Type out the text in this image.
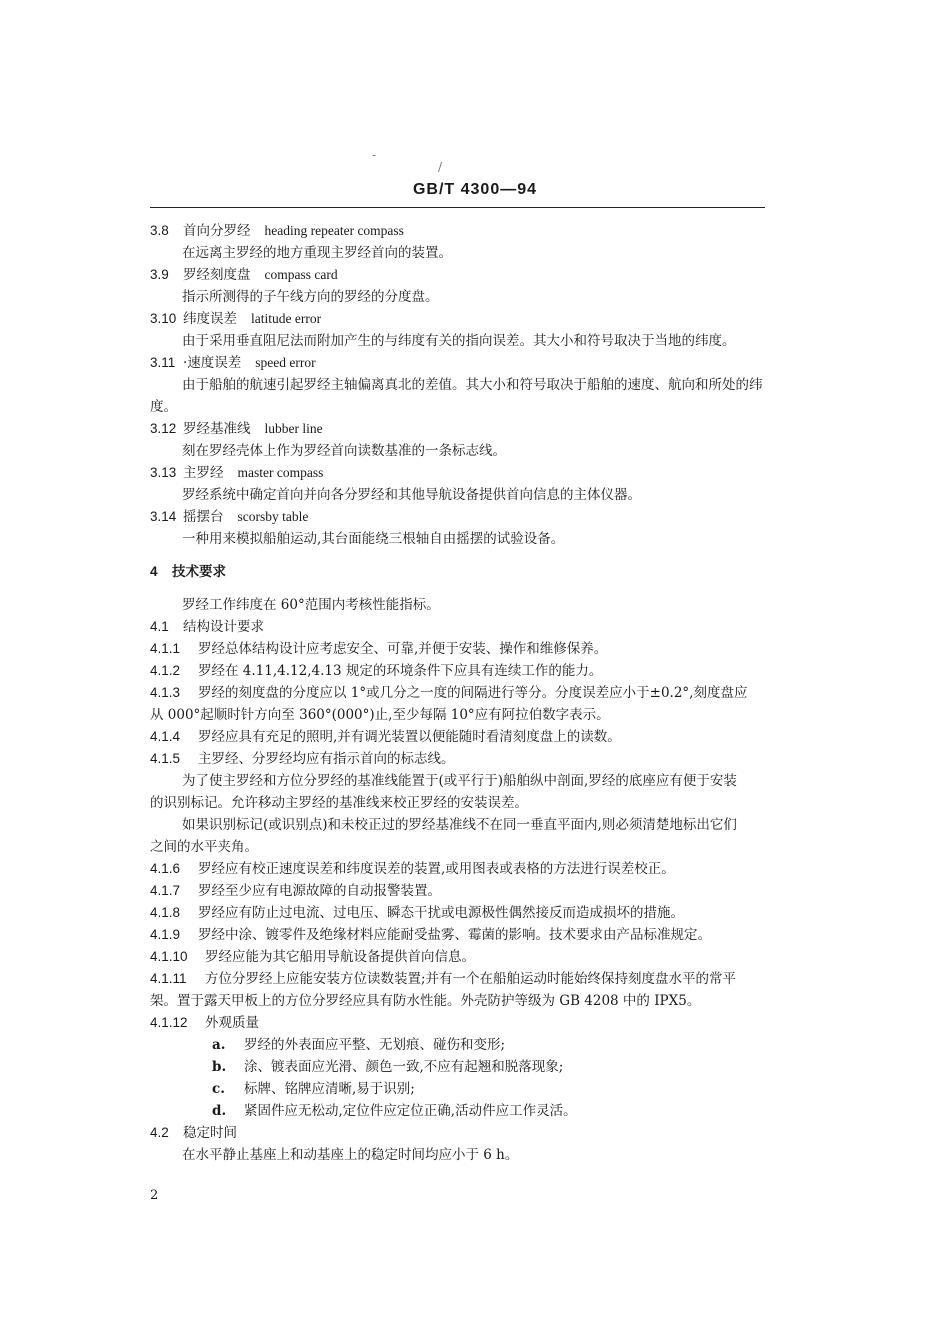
-
/
GB/T 4300—94
3.8 首向分罗经 heading repeater compass
在远离主罗经的地方重现主罗经首向的装置。
3.9 罗经刻度盘 compass card
指示所测得的子午线方向的罗经的分度盘。
3.10 纬度误差 latitude error
由于采用垂直阻尼法而附加产生的与纬度有关的指向误差。其大小和符号取决于当地的纬度。
3.11 ·速度误差 speed error
由于船舶的航速引起罗经主轴偏离真北的差值。其大小和符号取决于船舶的速度、航向和所处的纬
度。
3.12 罗经基准线 lubber line
刻在罗经壳体上作为罗经首向读数基准的一条标志线。
3.13 主罗经 master compass
罗经系统中确定首向并向各分罗经和其他导航设备提供首向信息的主体仪器。
3.14 摇摆台 scorsby table
一种用来模拟船舶运动,其台面能绕三根轴自由摇摆的试验设备。
4 技术要求
罗经工作纬度在 60°范围内考核性能指标。
4.1 结构设计要求
4.1.1 罗经总体结构设计应考虑安全、可靠,并便于安装、操作和维修保养。
4.1.2 罗经在 4.11,4.12,4.13 规定的环境条件下应具有连续工作的能力。
4.1.3 罗经的刻度盘的分度应以 1°或几分之一度的间隔进行等分。分度误差应小于±0.2°,刻度盘应
从 000°起顺时针方向至 360°(000°)止,至少每隔 10°应有阿拉伯数字表示。
4.1.4 罗经应具有充足的照明,并有调光装置以便能随时看清刻度盘上的读数。
4.1.5 主罗经、分罗经均应有指示首向的标志线。
为了使主罗经和方位分罗经的基准线能置于(或平行于)船舶纵中剖面,罗经的底座应有便于安装
的识别标记。允许移动主罗经的基准线来校正罗经的安装误差。
如果识别标记(或识别点)和未校正过的罗经基准线不在同一垂直平面内,则必须清楚地标出它们
之间的水平夹角。
4.1.6 罗经应有校正速度误差和纬度误差的装置,或用图表或表格的方法进行误差校正。
4.1.7 罗经至少应有电源故障的自动报警装置。
4.1.8 罗经应有防止过电流、过电压、瞬态干扰或电源极性偶然接反而造成损坏的措施。
4.1.9 罗经中涂、镀零件及绝缘材料应能耐受盐雾、霉菌的影响。技术要求由产品标准规定。
4.1.10 罗经应能为其它船用导航设备提供首向信息。
4.1.11 方位分罗经上应能安装方位读数装置;并有一个在船舶运动时能始终保持刻度盘水平的常平
架。置于露天甲板上的方位分罗经应具有防水性能。外壳防护等级为 GB 4208 中的 IPX5。
4.1.12 外观质量
a. 罗经的外表面应平整、无划痕、碰伤和变形;
b. 涂、镀表面应光滑、颜色一致,不应有起翘和脱落现象;
c. 标牌、铭牌应清晰,易于识别;
d. 紧固件应无松动,定位件应定位正确,活动件应工作灵活。
4.2 稳定时间
在水平静止基座上和动基座上的稳定时间均应小于 6 h。
2
